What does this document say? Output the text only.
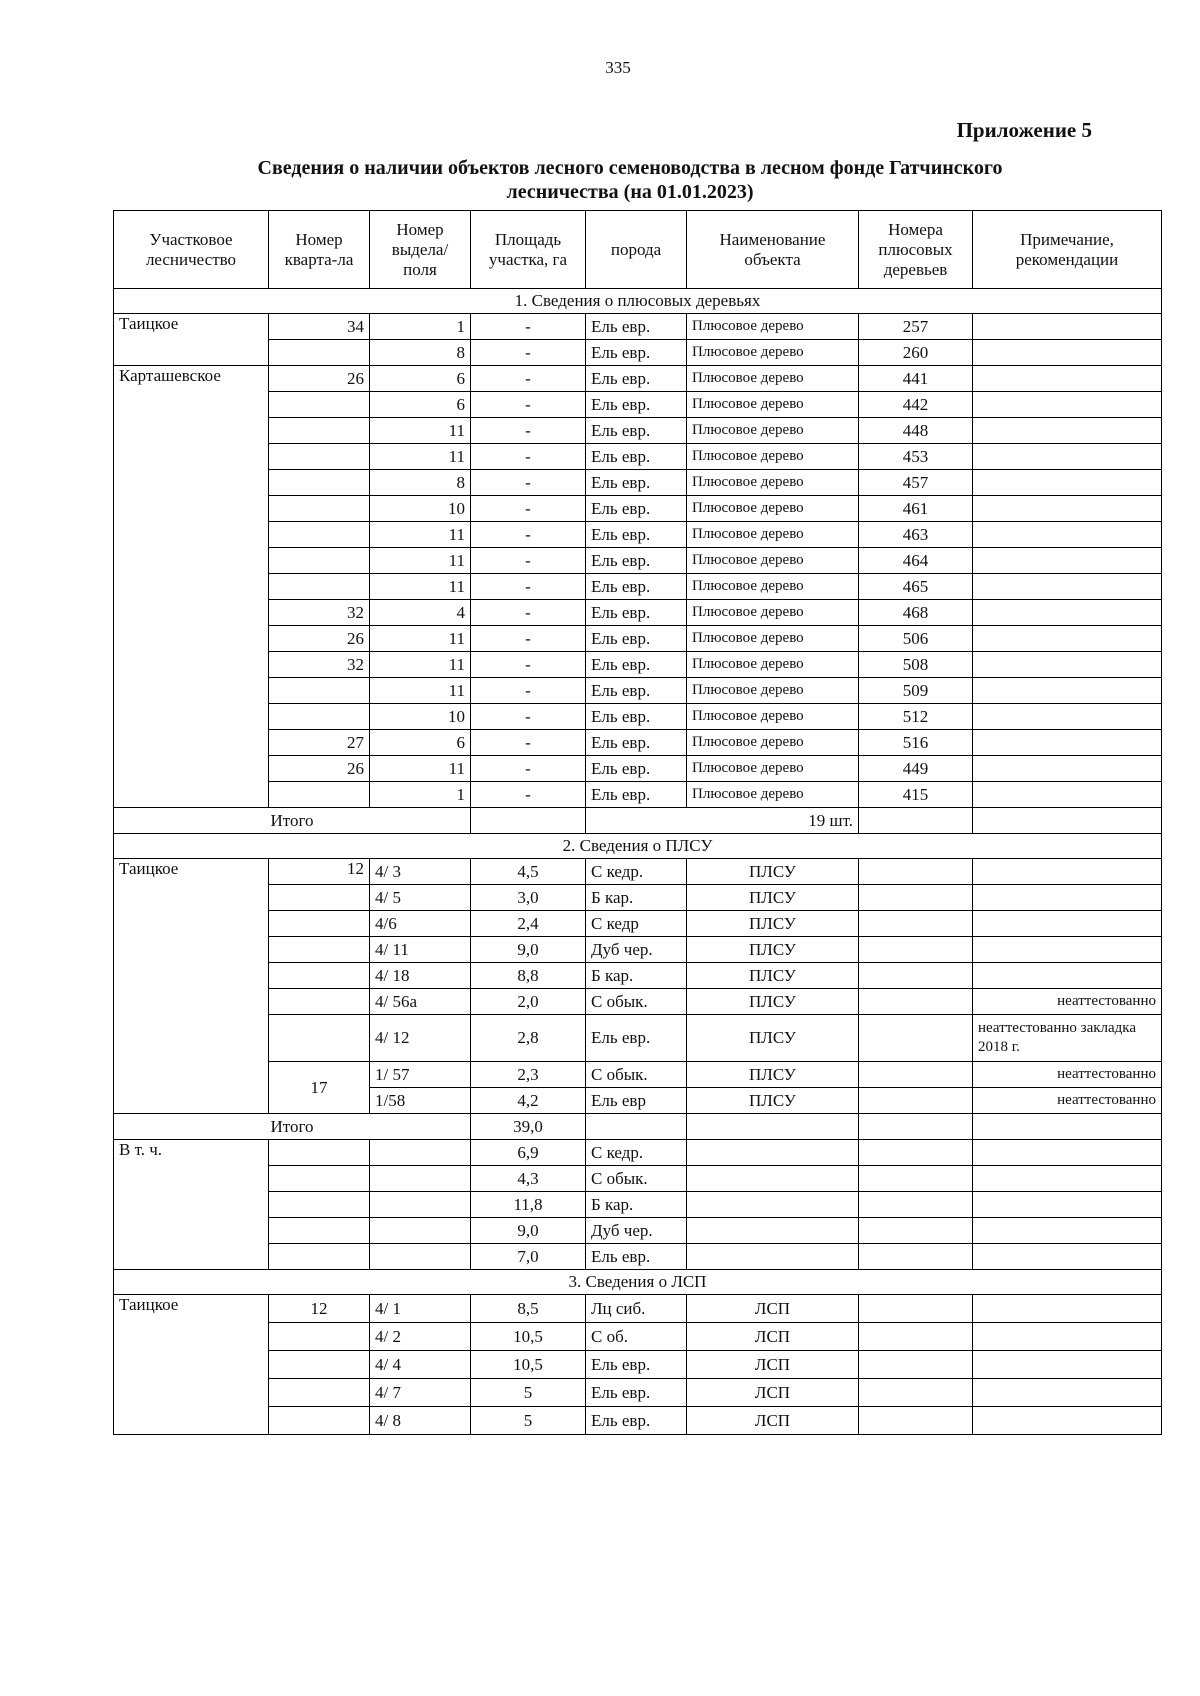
335
Приложение 5
Сведения о наличии объектов лесного семеноводства в лесном фонде Гатчинского
лесничества (на 01.01.2023)
Участковое лесничество	Номер кварта-ла	Номер выдела/ поля	Площадь участка, га	порода	Наименование объекта	Номера плюсовых деревьев	Примечание, рекомендации
1. Сведения о плюсовых деревьях							
Таицкое	34	1	-	Ель евр.	Плюсовое дерево	257	
		8	-	Ель евр.	Плюсовое дерево	260	
Карташевское	26	6	-	Ель евр.	Плюсовое дерево	441	
		6	-	Ель евр.	Плюсовое дерево	442	
		11	-	Ель евр.	Плюсовое дерево	448	
		11	-	Ель евр.	Плюсовое дерево	453	
		8	-	Ель евр.	Плюсовое дерево	457	
		10	-	Ель евр.	Плюсовое дерево	461	
		11	-	Ель евр.	Плюсовое дерево	463	
		11	-	Ель евр.	Плюсовое дерево	464	
		11	-	Ель евр.	Плюсовое дерево	465	
	32	4	-	Ель евр.	Плюсовое дерево	468	
	26	11	-	Ель евр.	Плюсовое дерево	506	
	32	11	-	Ель евр.	Плюсовое дерево	508	
		11	-	Ель евр.	Плюсовое дерево	509	
		10	-	Ель евр.	Плюсовое дерево	512	
	27	6	-	Ель евр.	Плюсовое дерево	516	
	26	11	-	Ель евр.	Плюсовое дерево	449	
		1	-	Ель евр.	Плюсовое дерево	415	
Итого				19 шт.			
2. Сведения о ПЛСУ							
Таицкое	12	4/ 3	4,5	С кедр.	ПЛСУ		
		4/ 5	3,0	Б кар.	ПЛСУ		
		4/6	2,4	С кедр	ПЛСУ		
		4/ 11	9,0	Дуб чер.	ПЛСУ		
		4/ 18	8,8	Б кар.	ПЛСУ		
		4/ 56а	2,0	С обык.	ПЛСУ		неаттестованно
		4/ 12	2,8	Ель евр.	ПЛСУ		неаттестованно закладка 2018 г.
	17	1/ 57	2,3	С обык.	ПЛСУ		неаттестованно
		1/58	4,2	Ель евр	ПЛСУ		неаттестованно
Итого			39,0				
В т. ч.			6,9	С кедр.			
			4,3	С обык.			
			11,8	Б кар.			
			9,0	Дуб чер.			
			7,0	Ель евр.			
3. Сведения о ЛСП							
Таицкое	12	4/ 1	8,5	Лц сиб.	ЛСП		
		4/ 2	10,5	С об.	ЛСП		
		4/ 4	10,5	Ель евр.	ЛСП		
		4/ 7	5	Ель евр.	ЛСП		
		4/ 8	5	Ель евр.	ЛСП		
